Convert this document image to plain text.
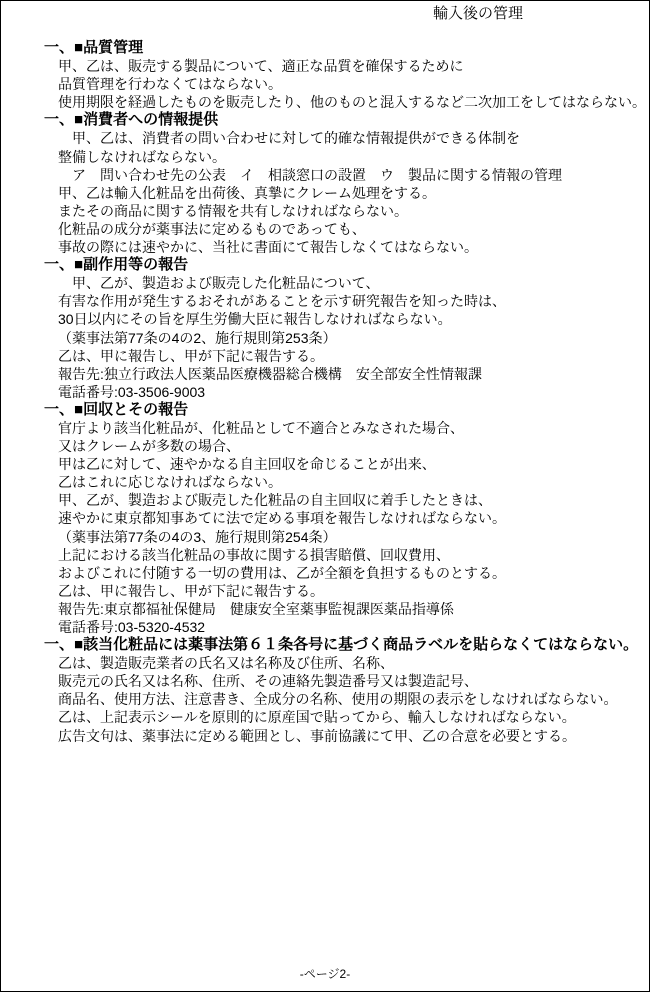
輸入後の管理
一、■品質管理
甲、乙は、販売する製品について、適正な品質を確保するために
品質管理を行わなくてはならない。
使用期限を経過したものを販売したり、他のものと混入するなど二次加工をしてはならない。
一、■消費者への情報提供
　甲、乙は、消費者の問い合わせに対して的確な情報提供ができる体制を
整備しなければならない。
　ア　問い合わせ先の公表　イ　相談窓口の設置　ウ　製品に関する情報の管理
甲、乙は輸入化粧品を出荷後、真摯にクレーム処理をする。
またその商品に関する情報を共有しなければならない。
化粧品の成分が薬事法に定めるものであっても、
事故の際には速やかに、当社に書面にて報告しなくてはならない。
一、■副作用等の報告
　甲、乙が、製造および販売した化粧品について、
有害な作用が発生するおそれがあることを示す研究報告を知った時は、
30日以内にその旨を厚生労働大臣に報告しなければならない。
（薬事法第77条の4の2、施行規則第253条）
乙は、甲に報告し、甲が下記に報告する。
報告先:独立行政法人医薬品医療機器総合機構　安全部安全性情報課
電話番号:03-3506-9003
一、■回収とその報告
官庁より該当化粧品が、化粧品として不適合とみなされた場合、
又はクレームが多数の場合、
甲は乙に対して、速やかなる自主回収を命じることが出来、
乙はこれに応じなければならない。
甲、乙が、製造および販売した化粧品の自主回収に着手したときは、
速やかに東京都知事あてに法で定める事項を報告しなければならない。
（薬事法第77条の4の3、施行規則第254条）
上記における該当化粧品の事故に関する損害賠償、回収費用、
およびこれに付随する一切の費用は、乙が全額を負担するものとする。
乙は、甲に報告し、甲が下記に報告する。
報告先:東京都福祉保健局　健康安全室薬事監視課医薬品指導係
電話番号:03-5320-4532
一、■該当化粧品には薬事法第６１条各号に基づく商品ラベルを貼らなくてはならない。
乙は、製造販売業者の氏名又は名称及び住所、名称、
販売元の氏名又は名称、住所、その連絡先製造番号又は製造記号、
商品名、使用方法、注意書き、全成分の名称、使用の期限の表示をしなければならない。
乙は、上記表示シールを原則的に原産国で貼ってから、輸入しなければならない。
広告文句は、薬事法に定める範囲とし、事前協議にて甲、乙の合意を必要とする。
-ページ2-
